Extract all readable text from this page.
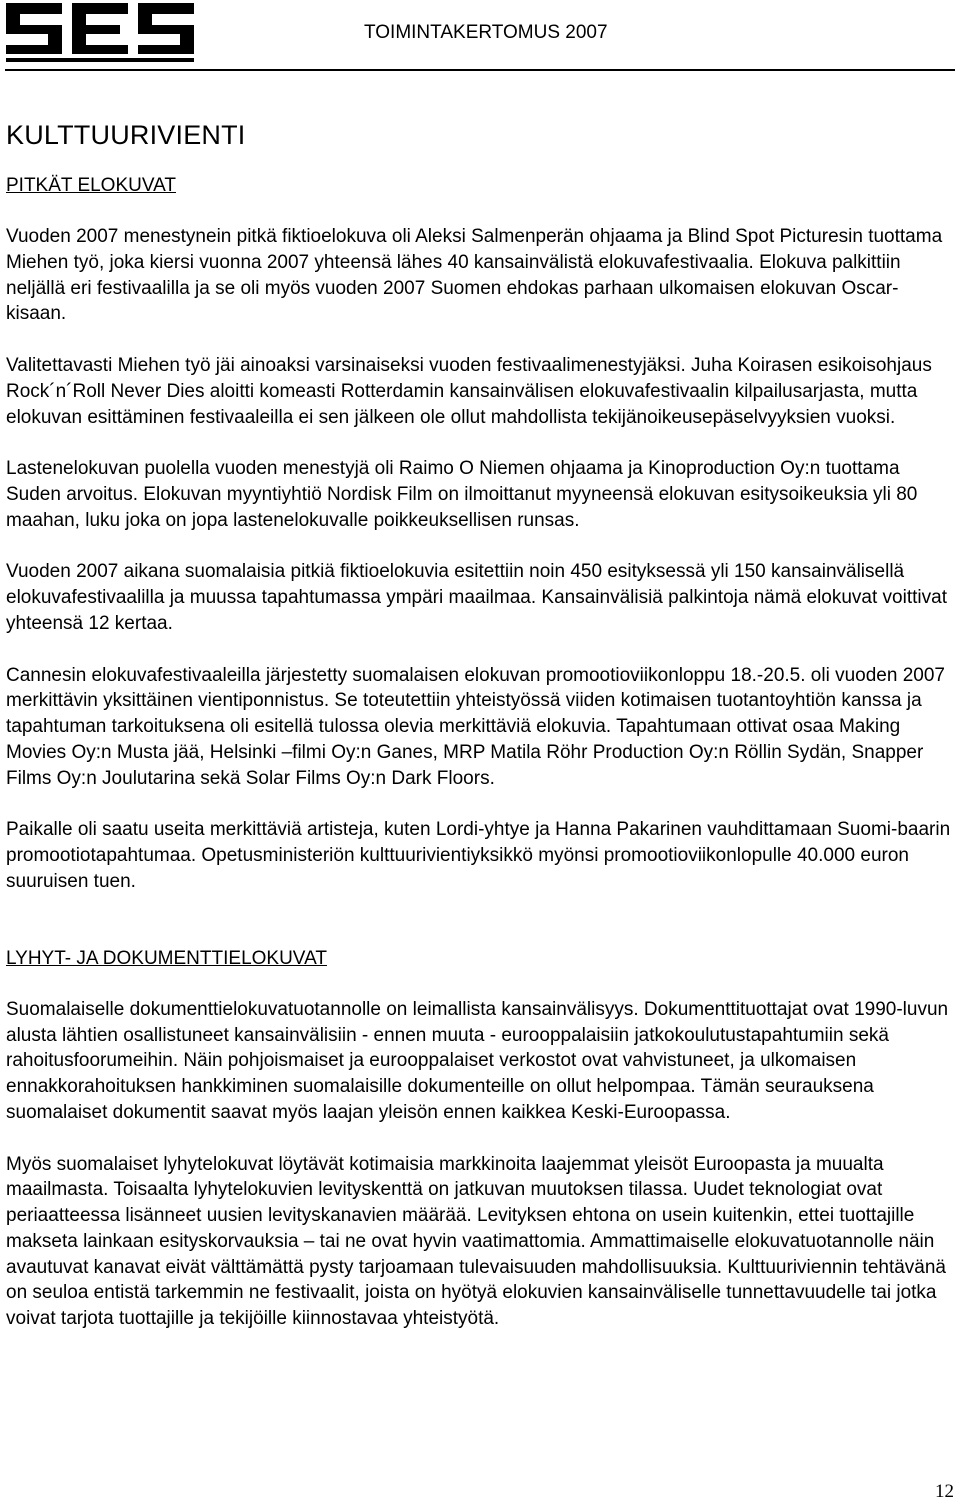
TOIMINTAKERTOMUS 2007
KULTTUURIVIENTI
PITKÄT ELOKUVAT

Vuoden 2007 menestynein pitkä fiktioelokuva oli Aleksi Salmenperän ohjaama ja Blind Spot Picturesin tuottama Miehen työ, joka kiersi vuonna 2007 yhteensä lähes 40 kansainvälistä elokuvafestivaalia. Elokuva palkittiin neljällä eri festivaalilla ja se oli myös vuoden 2007 Suomen ehdokas parhaan ulkomaisen elokuvan Oscar-kisaan.

Valitettavasti Miehen työ jäi ainoaksi varsinaiseksi vuoden festivaalimenestyjäksi. Juha Koirasen esikoisohjaus Rock´n´Roll Never Dies aloitti komeasti Rotterdamin kansainvälisen elokuvafestivaalin kilpailusarjasta, mutta elokuvan esittäminen festivaaleilla ei sen jälkeen ole ollut mahdollista tekijänoikeusepäselvyyksien vuoksi.

Lastenelokuvan puolella vuoden menestyjä oli Raimo O Niemen ohjaama ja Kinoproduction Oy:n tuottama Suden arvoitus. Elokuvan myyntiyhtiö Nordisk Film on ilmoittanut myyneensä elokuvan esitysoikeuksia yli 80 maahan, luku joka on jopa lastenelokuvalle poikkeuksellisen runsas.

Vuoden 2007 aikana suomalaisia pitkiä fiktioelokuvia esitettiin noin 450 esityksessä yli 150 kansainvälisellä elokuvafestivaalilla ja muussa tapahtumassa ympäri maailmaa. Kansainvälisiä palkintoja nämä elokuvat voittivat yhteensä 12 kertaa.

Cannesin elokuvafestivaaleilla järjestetty suomalaisen elokuvan promootioviikonloppu 18.-20.5. oli vuoden 2007 merkittävin yksittäinen vientiponnistus. Se toteutettiin yhteistyössä viiden kotimaisen tuotantoyhtiön kanssa ja tapahtuman tarkoituksena oli esitellä tulossa olevia merkittäviä elokuvia. Tapahtumaan ottivat osaa Making Movies Oy:n Musta jää, Helsinki –filmi Oy:n Ganes, MRP Matila Röhr Production Oy:n Röllin Sydän, Snapper Films Oy:n Joulutarina sekä Solar Films Oy:n Dark Floors.

Paikalle oli saatu useita merkittäviä artisteja, kuten Lordi-yhtye ja Hanna Pakarinen vauhdittamaan Suomi-baarin promootiotapahtumaa. Opetusministeriön kulttuurivientiyksikkö myönsi promootioviikonlopulle 40.000 euron suuruisen tuen.

LYHYT- JA DOKUMENTTIELOKUVAT

Suomalaiselle dokumenttielokuvatuotannolle on leimallista kansainvälisyys. Dokumenttituottajat ovat 1990-luvun alusta lähtien osallistuneet kansainvälisiin - ennen muuta - eurooppalaisiin jatkokoulutustapahtumiin sekä rahoitusfoorumeihin. Näin pohjoismaiset ja eurooppalaiset verkostot ovat vahvistuneet, ja ulkomaisen ennakkorahoituksen hankkiminen suomalaisille dokumenteille on ollut helpompaa. Tämän seurauksena suomalaiset dokumentit saavat myös laajan yleisön ennen kaikkea Keski-Euroopassa.

Myös suomalaiset lyhytelokuvat löytävät kotimaisia markkinoita laajemmat yleisöt Euroopasta ja muualta maailmasta. Toisaalta lyhytelokuvien levityskenttä on jatkuvan muutoksen tilassa. Uudet teknologiat ovat periaatteessa lisänneet uusien levityskanavien määrää. Levityksen ehtona on usein kuitenkin, ettei tuottajille makseta lainkaan esityskorvauksia – tai ne ovat hyvin vaatimattomia. Ammattimaiselle elokuvatuotannolle näin avautuvat kanavat eivät välttämättä pysty tarjoamaan tulevaisuuden mahdollisuuksia. Kulttuuriviennin tehtävänä on seuloa entistä tarkemmin ne festivaalit, joista on hyötyä elokuvien kansainväliselle tunnettavuudelle tai jotka voivat tarjota tuottajille ja tekijöille kiinnostavaa yhteistyötä.

12
